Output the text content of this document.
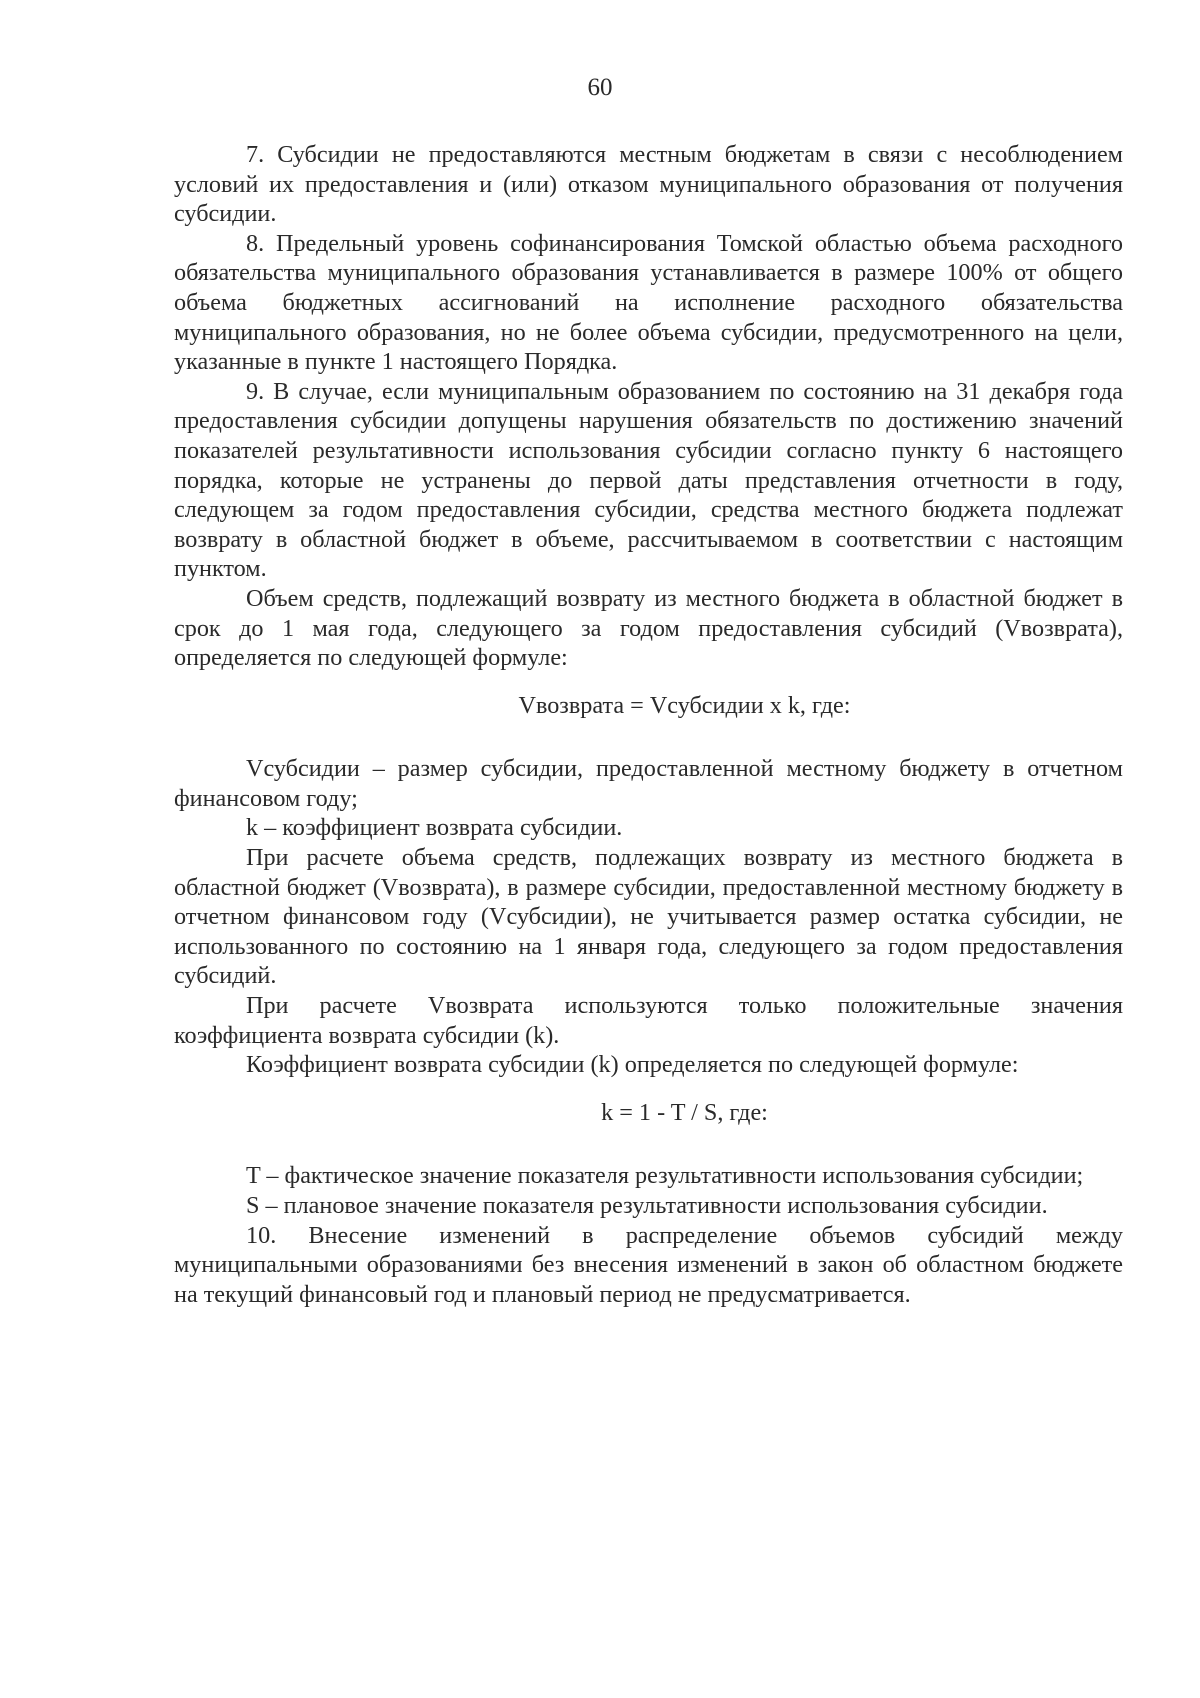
60

7. Субсидии не предоставляются местным бюджетам в связи с несоблюдением условий их предоставления и (или) отказом муниципального образования от получения субсидии.

8. Предельный уровень софинансирования Томской областью объема расходного обязательства муниципального образования устанавливается в размере 100% от общего объема бюджетных ассигнований на исполнение расходного обязательства муниципального образования, но не более объема субсидии, предусмотренного на цели, указанные в пункте 1 настоящего Порядка.

9. В случае, если муниципальным образованием по состоянию на 31 декабря года предоставления субсидии допущены нарушения обязательств по достижению значений показателей результативности использования субсидии согласно пункту 6 настоящего порядка, которые не устранены до первой даты представления отчетности в году, следующем за годом предоставления субсидии, средства местного бюджета подлежат возврату в областной бюджет в объеме, рассчитываемом в соответствии с настоящим пунктом.

Объем средств, подлежащий возврату из местного бюджета в областной бюджет в срок до 1 мая года, следующего за годом предоставления субсидий (Vвозврата), определяется по следующей формуле:

Vвозврата = Vсубсидии x k, где:

Vсубсидии – размер субсидии, предоставленной местному бюджету в отчетном финансовом году;

k – коэффициент возврата субсидии.

При расчете объема средств, подлежащих возврату из местного бюджета в областной бюджет (Vвозврата), в размере субсидии, предоставленной местному бюджету в отчетном финансовом году (Vсубсидии), не учитывается размер остатка субсидии, не использованного по состоянию на 1 января года, следующего за годом предоставления субсидий.

При расчете Vвозврата используются только положительные значения коэффициента возврата субсидии (k).

Коэффициент возврата субсидии (k) определяется по следующей формуле:

k = 1 - T / S, где:

T – фактическое значение показателя результативности использования субсидии;

S – плановое значение показателя результативности использования субсидии.

10. Внесение изменений в распределение объемов субсидий между муниципальными образованиями без внесения изменений в закон об областном бюджете на текущий финансовый год и плановый период не предусматривается.
